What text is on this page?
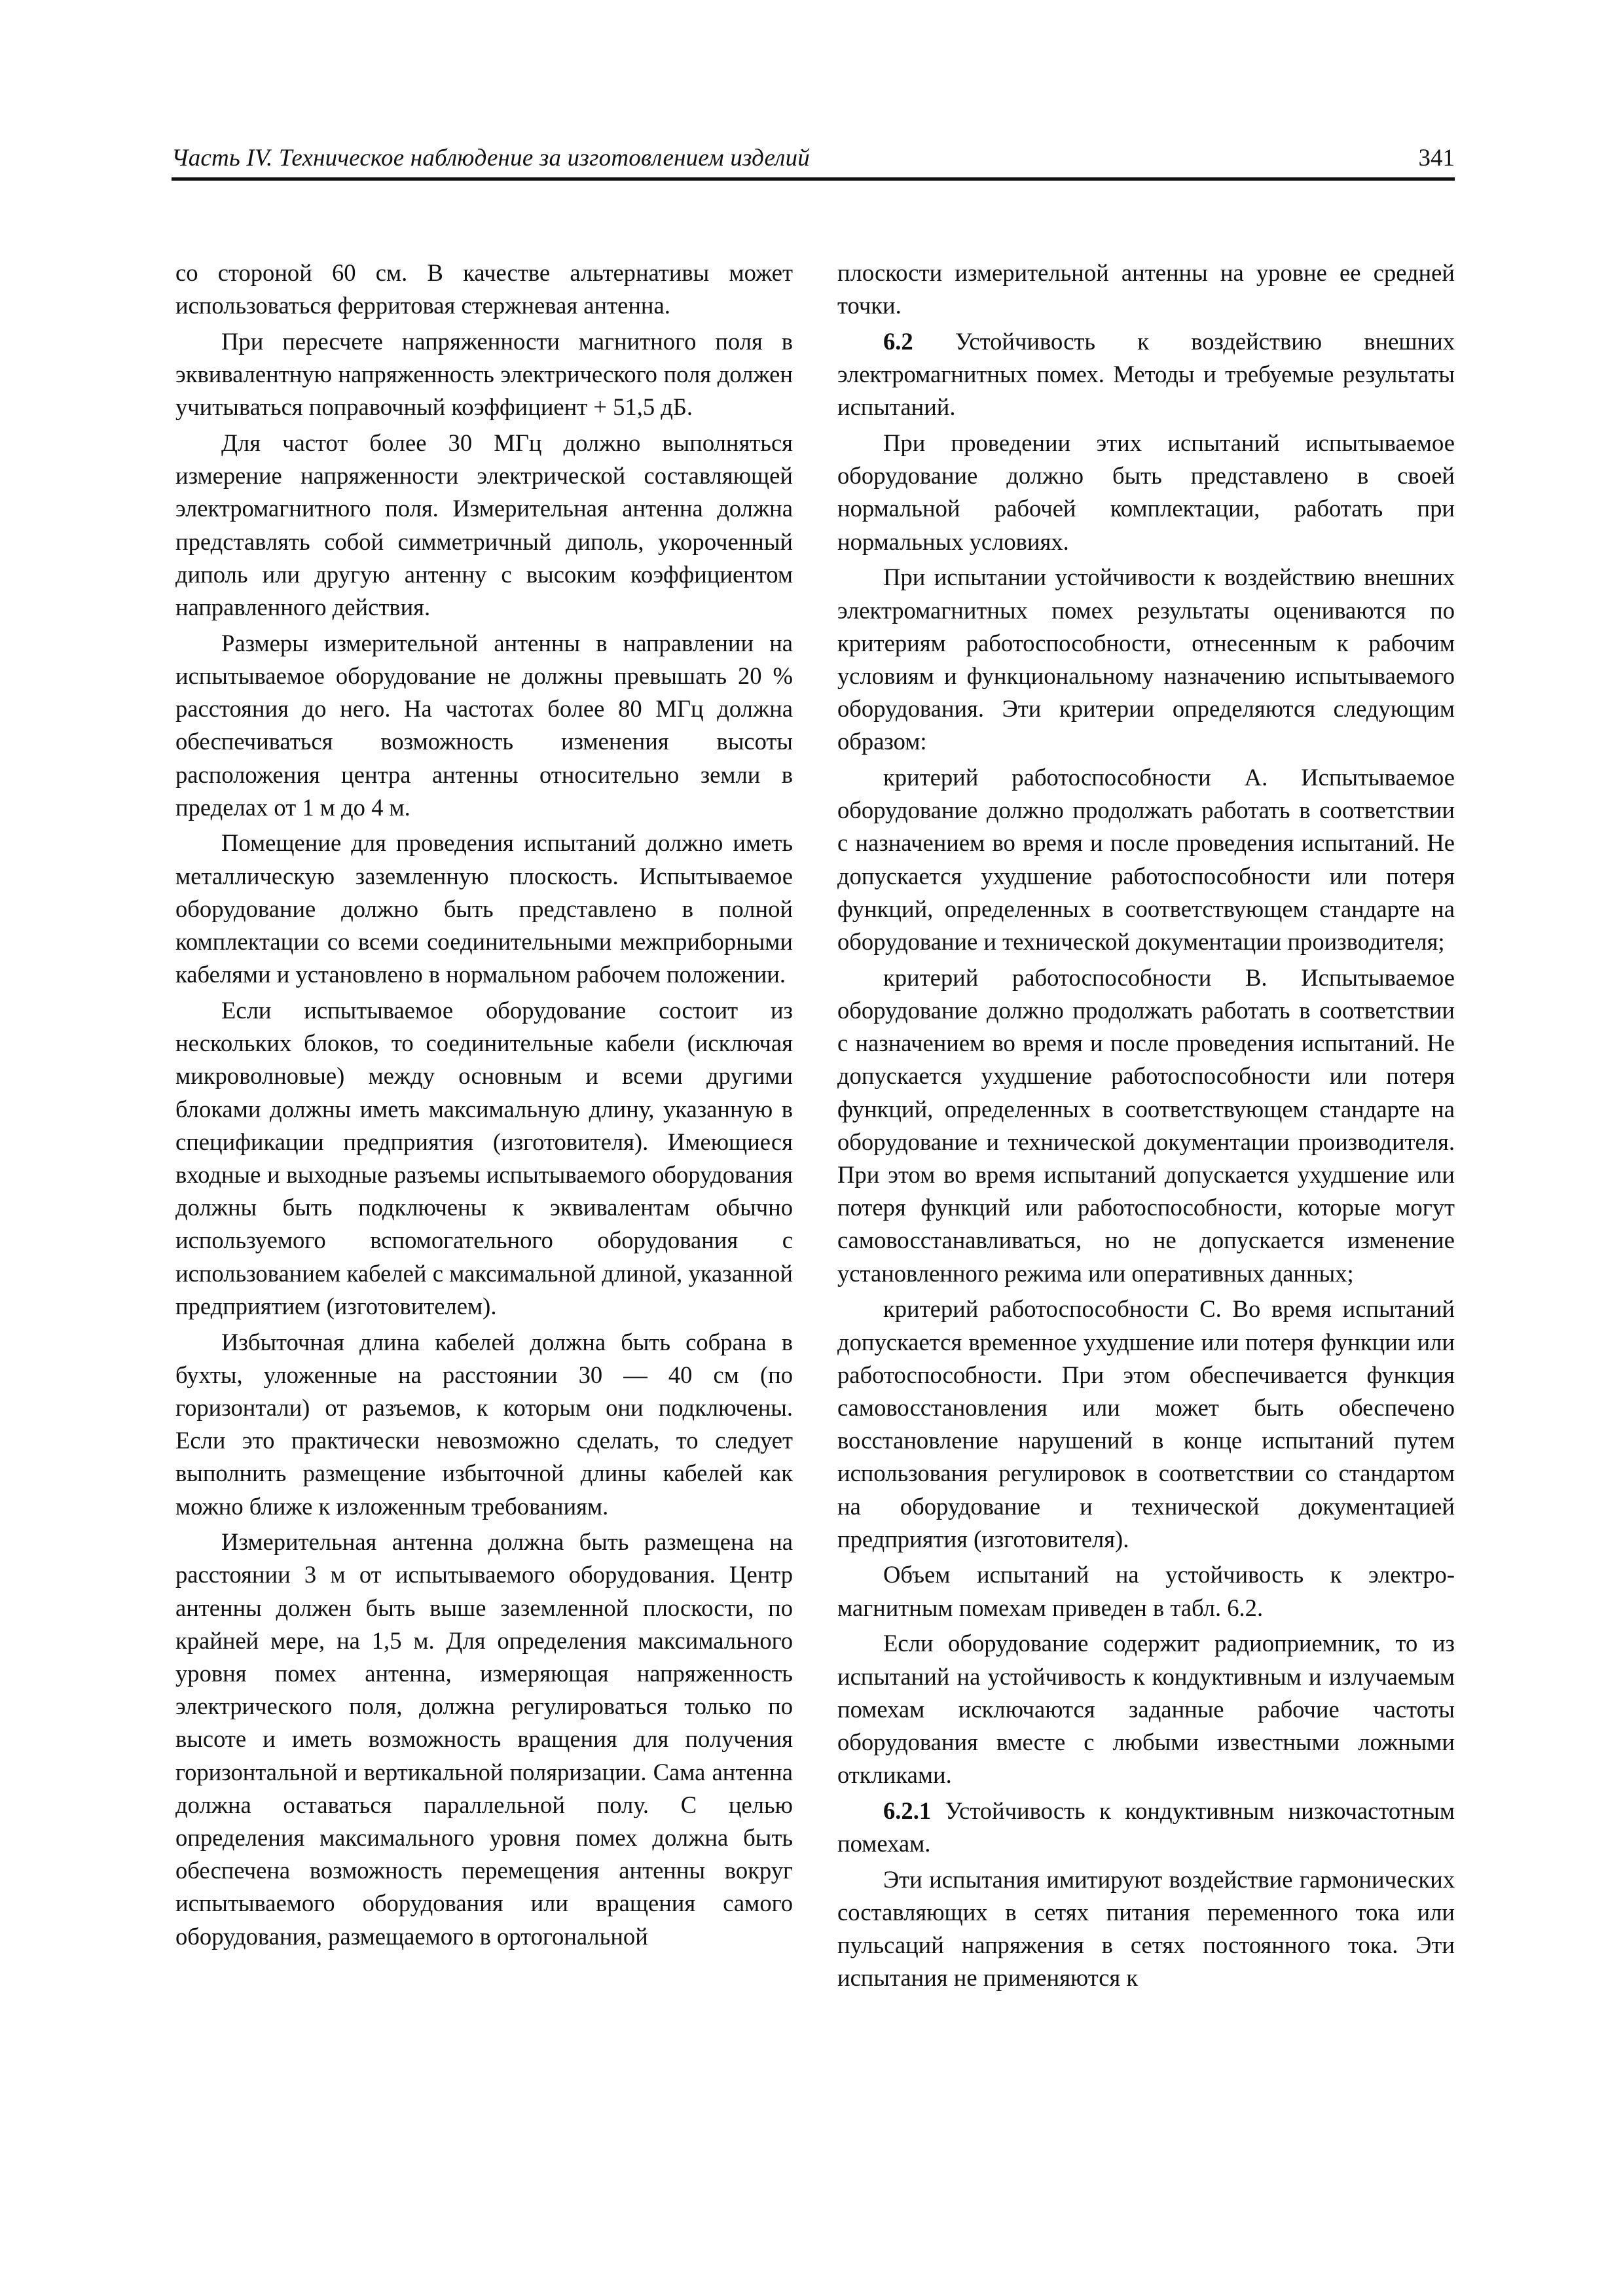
Часть IV. Техническое наблюдение за изготовлением изделий	341

со стороной 60 см. В качестве альтернативы может использоваться ферритовая стержневая антенна.

При пересчете напряженности магнитного поля в эквивалентную напряженность электрического поля должен учитываться поправочный коэффициент + 51,5 дБ.

Для частот более 30 МГц должно выполняться измерение напряженности электрической составляющей электромагнитного поля. Измерительная антенна должна представлять собой симметричный диполь, укороченный диполь или другую антенну с высоким коэффициентом направленного действия.

Размеры измерительной антенны в направлении на испытываемое оборудование не должны превышать 20 % расстояния до него. На частотах более 80 МГц должна обеспечиваться возможность изменения высоты расположения центра антенны относительно земли в пределах от 1 м до 4 м.

Помещение для проведения испытаний должно иметь металлическую заземленную плоскость. Испытываемое оборудование должно быть представлено в полной комплектации со всеми соединительными межприборными кабелями и установлено в нормальном рабочем положении.

Если испытываемое оборудование состоит из нескольких блоков, то соединительные кабели (исключая микроволновые) между основным и всеми другими блоками должны иметь максимальную длину, указанную в спецификации предприятия (изготовителя). Имеющиеся входные и выходные разъемы испытываемого оборудования должны быть подключены к эквивалентам обычно используемого вспомогательного оборудования с использованием кабелей с максимальной длиной, указанной предприятием (изготовителем).

Избыточная длина кабелей должна быть собрана в бухты, уложенные на расстоянии 30 — 40 см (по горизонтали) от разъемов, к которым они подключены. Если это практически невозможно сделать, то следует выполнить размещение избыточной длины кабелей как можно ближе к изложенным требованиям.

Измерительная антенна должна быть размещена на расстоянии 3 м от испытываемого оборудования. Центр антенны должен быть выше заземленной плоскости, по крайней мере, на 1,5 м. Для определения максимального уровня помех антенна, измеряющая напряженность электрического поля, должна регулироваться только по высоте и иметь возможность вращения для получения горизонтальной и вертикальной поляризации. Сама антенна должна оставаться параллельной полу. С целью определения максимального уровня помех должна быть обеспечена возможность перемещения антенны вокруг испытываемого оборудования или вращения самого оборудования, размещаемого в ортогональной

плоскости измерительной антенны на уровне ее средней точки.

6.2 Устойчивость к воздействию внешних электромагнитных помех. Методы и требуемые результаты испытаний.

При проведении этих испытаний испытываемое оборудование должно быть представлено в своей нормальной рабочей комплектации, работать при нормальных условиях.

При испытании устойчивости к воздействию внешних электромагнитных помех результаты оцениваются по критериям работоспособности, отнесенным к рабочим условиям и функциональному назначению испытываемого оборудования. Эти критерии определяются следующим образом:

критерий работоспособности А. Испытываемое оборудование должно продолжать работать в соответствии с назначением во время и после проведения испытаний. Не допускается ухудшение работоспособности или потеря функций, определенных в соответствующем стандарте на оборудование и технической документации производителя;

критерий работоспособности В. Испытываемое оборудование должно продолжать работать в соответствии с назначением во время и после проведения испытаний. Не допускается ухудшение работоспособности или потеря функций, определенных в соответствующем стандарте на оборудование и технической документации производителя. При этом во время испытаний допускается ухудшение или потеря функций или работоспособности, которые могут самовосстанавливаться, но не допускается изменение установленного режима или оперативных данных;

критерий работоспособности С. Во время испытаний допускается временное ухудшение или потеря функции или работоспособности. При этом обеспечивается функция самовосстановления или может быть обеспечено восстановление нарушений в конце испытаний путем использования регулировок в соответствии со стандартом на оборудование и технической документацией предприятия (изготовителя).

Объем испытаний на устойчивость к электромагнитным помехам приведен в табл. 6.2.

Если оборудование содержит радиоприемник, то из испытаний на устойчивость к кондуктивным и излучаемым помехам исключаются заданные рабочие частоты оборудования вместе с любыми известными ложными откликами.

6.2.1 Устойчивость к кондуктивным низкочастотным помехам.

Эти испытания имитируют воздействие гармонических составляющих в сетях питания переменного тока или пульсаций напряжения в сетях постоянного тока. Эти испытания не применяются к
